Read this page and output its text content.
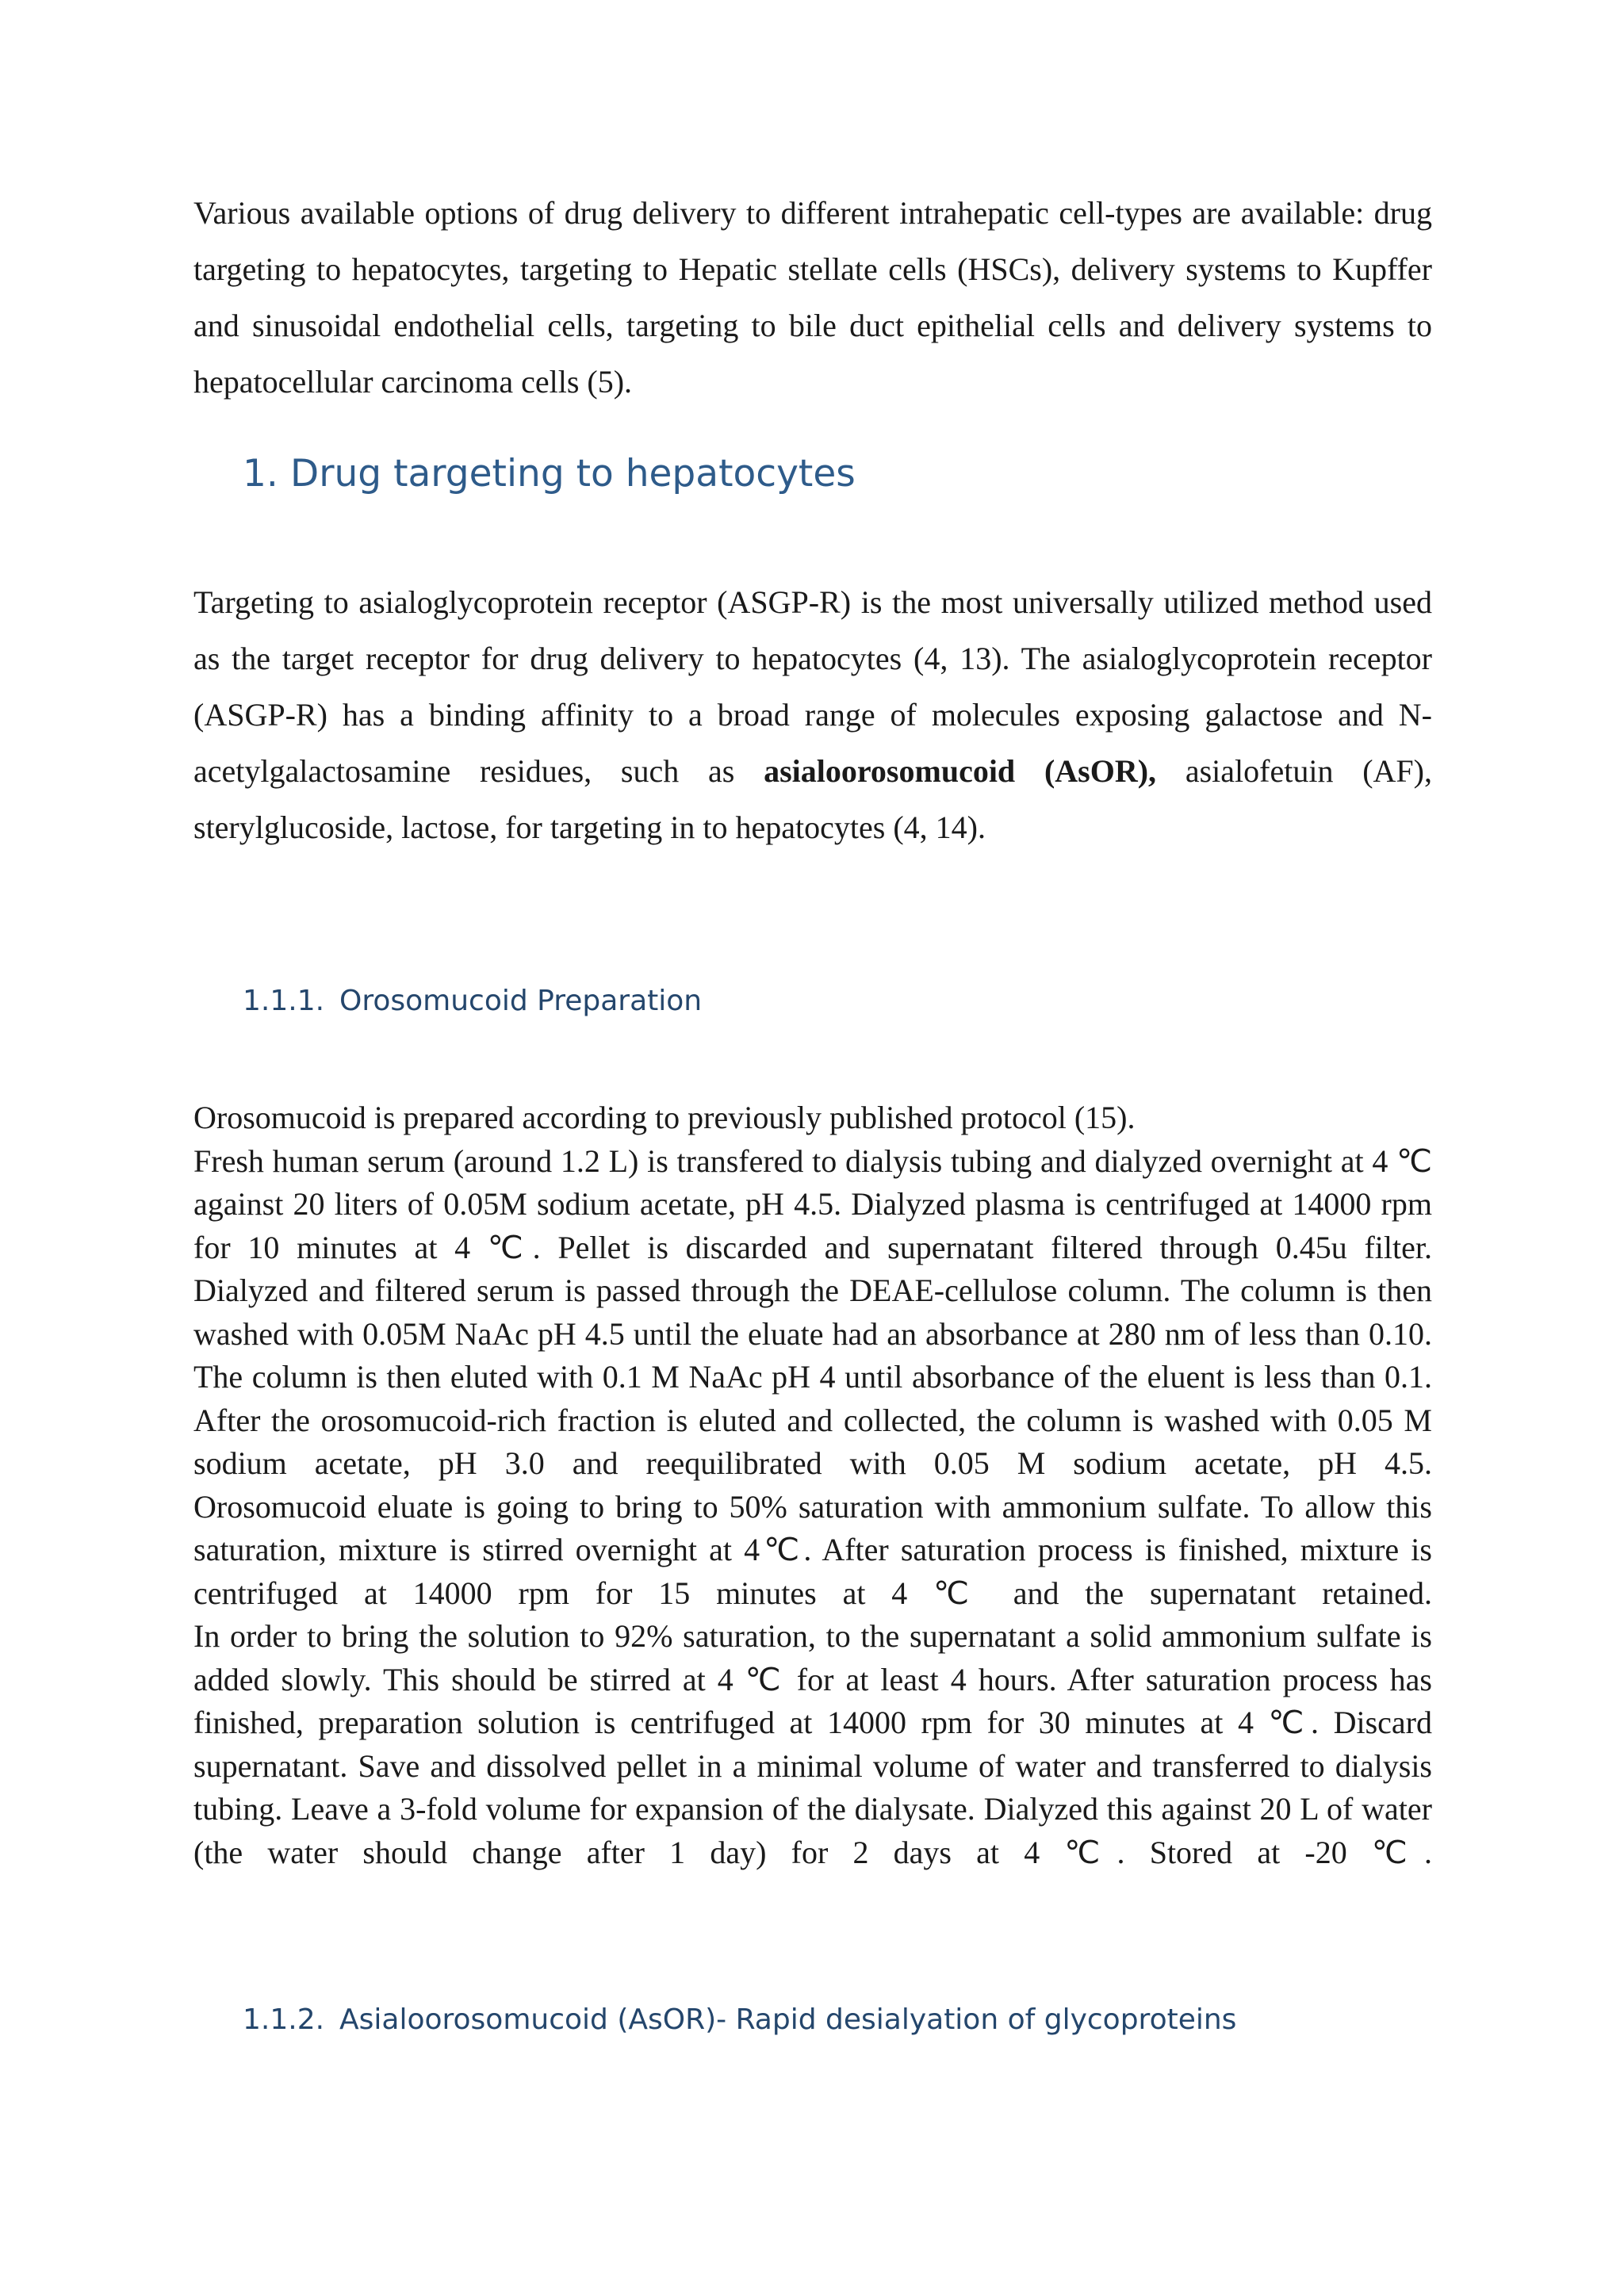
Various available options of drug delivery to different intrahepatic cell-types are available: drug targeting to hepatocytes, targeting to Hepatic stellate cells (HSCs), delivery systems to Kupffer and sinusoidal endothelial cells, targeting to bile duct epithelial cells and delivery systems to hepatocellular carcinoma cells (5).

1. Drug targeting to hepatocytes

Targeting to asialoglycoprotein receptor (ASGP-R) is the most universally utilized method used as the target receptor for drug delivery to hepatocytes (4, 13). The asialoglycoprotein receptor (ASGP-R) has a binding affinity to a broad range of molecules exposing galactose and N-acetylgalactosamine residues, such as asialoorosomucoid (AsOR), asialofetuin (AF), sterylglucoside, lactose, for targeting in to hepatocytes (4, 14).

1.1.1. Orosomucoid Preparation
Orosomucoid is prepared according to previously published protocol (15).
Fresh human serum (around 1.2 L) is transfered to dialysis tubing and dialyzed overnight at 4 ℃ against 20 liters of 0.05M sodium acetate, pH 4.5. Dialyzed plasma is centrifuged at 14000 rpm for 10 minutes at 4 ℃. Pellet is discarded and supernatant filtered through 0.45u filter.
Dialyzed and filtered serum is passed through the DEAE-cellulose column. The column is then washed with 0.05M NaAc pH 4.5 until the eluate had an absorbance at 280 nm of less than 0.10. The column is then eluted with 0.1 M NaAc pH 4 until absorbance of the eluent is less than 0.1. After the orosomucoid-rich fraction is eluted and collected, the column is washed with 0.05 M sodium acetate, pH 3.0 and reequilibrated with 0.05 M sodium acetate, pH 4.5.
Orosomucoid eluate is going to bring to 50% saturation with ammonium sulfate. To allow this saturation, mixture is stirred overnight at 4℃. After saturation process is finished, mixture is centrifuged at 14000 rpm for 15 minutes at 4 ℃ and the supernatant retained.
In order to bring the solution to 92% saturation, to the supernatant a solid ammonium sulfate is added slowly. This should be stirred at 4 ℃ for at least 4 hours. After saturation process has finished, preparation solution is centrifuged at 14000 rpm for 30 minutes at 4 ℃. Discard supernatant. Save and dissolved pellet in a minimal volume of water and transferred to dialysis tubing. Leave a 3-fold volume for expansion of the dialysate. Dialyzed this against 20 L of water (the water should change after 1 day) for 2 days at 4 ℃. Stored at -20 ℃.
1.1.2. Asialoorosomucoid (AsOR)- Rapid desialyation of glycoproteins
